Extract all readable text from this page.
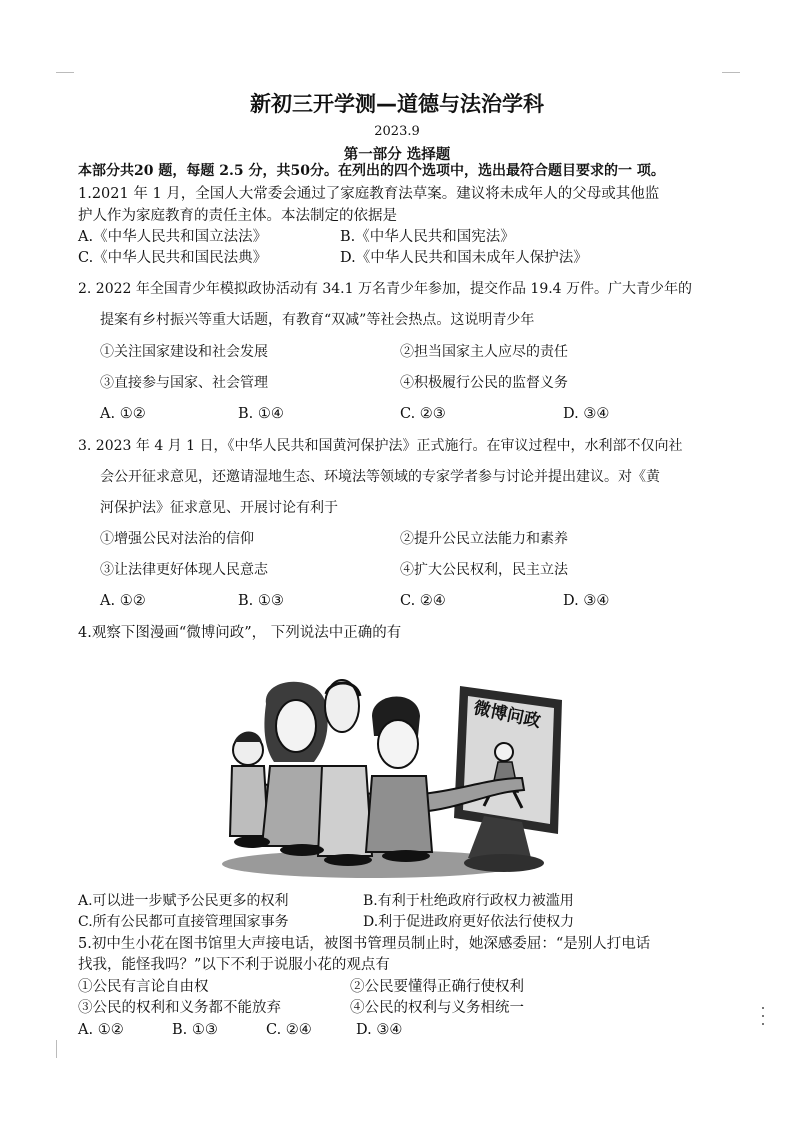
新初三开学测—道德与法治学科
2023.9
第一部分 选择题
本部分共20 题，每题 2.5 分，共50分。在列出的四个选项中，选出最符合题目要求的一 项。
1.2021 年 1 月，全国人大常委会通过了家庭教育法草案。建议将未成年人的父母或其他监
护人作为家庭教育的责任主体。本法制定的依据是
A.《中华人民共和国立法法》	B.《中华人民共和国宪法》
C.《中华人民共和国民法典》	D.《中华人民共和国未成年人保护法》
2. 2022 年全国青少年模拟政协活动有 34.1 万名青少年参加，提交作品 19.4 万件。广大青少年的
提案有乡村振兴等重大话题，有教育“双减”等社会热点。这说明青少年
①关注国家建设和社会发展	②担当国家主人应尽的责任
③直接参与国家、社会管理	④积极履行公民的监督义务
A. ①②	B. ①④	C. ②③	D. ③④
3. 2023 年 4 月 1 日，《中华人民共和国黄河保护法》正式施行。在审议过程中，水利部不仅向社
会公开征求意见，还邀请湿地生态、环境法等领域的专家学者参与讨论并提出建议。对《黄
河保护法》征求意见、开展讨论有利于
①增强公民对法治的信仰	②提升公民立法能力和素养
③让法律更好体现人民意志	④扩大公民权利，民主立法
A. ①②	B. ①③	C. ②④	D. ③④
4.观察下图漫画“微博问政”， 下列说法中正确的有
微博问政
A.可以进一步赋予公民更多的权利	B.有利于杜绝政府行政权力被滥用
C.所有公民都可直接管理国家事务	D.利于促进政府更好依法行使权力
5.初中生小花在图书馆里大声接电话，被图书管理员制止时，她深感委屈：“是别人打电话
找我，能怪我吗？”以下不利于说服小花的观点有
①公民有言论自由权	②公民要懂得正确行使权利
③公民的权利和义务都不能放弃	④公民的权利与义务相统一
A. ①②	B. ①③	C. ②④	D. ③④
